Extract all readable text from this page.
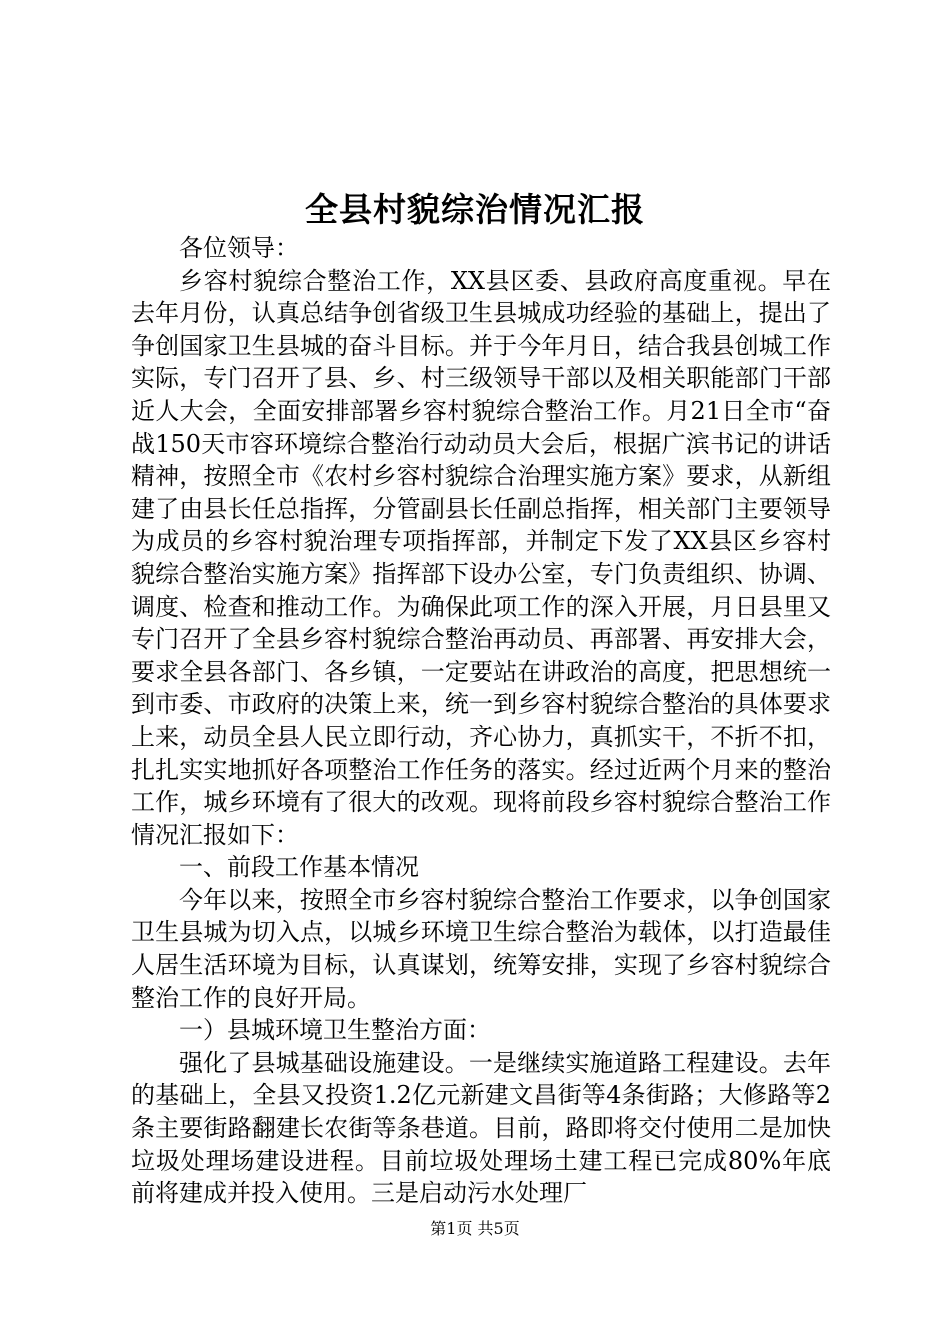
全县村貌综治情况汇报

各位领导：

乡容村貌综合整治工作，XX县区委、县政府高度重视。早在去年月份，认真总结争创省级卫生县城成功经验的基础上，提出了争创国家卫生县城的奋斗目标。并于今年月日，结合我县创城工作实际，专门召开了县、乡、村三级领导干部以及相关职能部门干部近人大会，全面安排部署乡容村貌综合整治工作。月21日全市“奋战150天市容环境综合整治行动动员大会后，根据广滨书记的讲话精神，按照全市《农村乡容村貌综合治理实施方案》要求，从新组建了由县长任总指挥，分管副县长任副总指挥，相关部门主要领导为成员的乡容村貌治理专项指挥部，并制定下发了XX县区乡容村貌综合整治实施方案》指挥部下设办公室，专门负责组织、协调、调度、检查和推动工作。为确保此项工作的深入开展，月日县里又专门召开了全县乡容村貌综合整治再动员、再部署、再安排大会，要求全县各部门、各乡镇，一定要站在讲政治的高度，把思想统一到市委、市政府的决策上来，统一到乡容村貌综合整治的具体要求上来，动员全县人民立即行动，齐心协力，真抓实干，不折不扣，扎扎实实地抓好各项整治工作任务的落实。经过近两个月来的整治工作，城乡环境有了很大的改观。现将前段乡容村貌综合整治工作情况汇报如下：

一、前段工作基本情况

今年以来，按照全市乡容村貌综合整治工作要求，以争创国家卫生县城为切入点，以城乡环境卫生综合整治为载体，以打造最佳人居生活环境为目标，认真谋划，统筹安排，实现了乡容村貌综合整治工作的良好开局。

一）县城环境卫生整治方面：

强化了县城基础设施建设。一是继续实施道路工程建设。去年的基础上，全县又投资1.2亿元新建文昌街等4条街路；大修路等2条主要街路翻建长农街等条巷道。目前，路即将交付使用二是加快垃圾处理场建设进程。目前垃圾处理场土建工程已完成80%年底前将建成并投入使用。三是启动污水处理厂

第1页 共5页
